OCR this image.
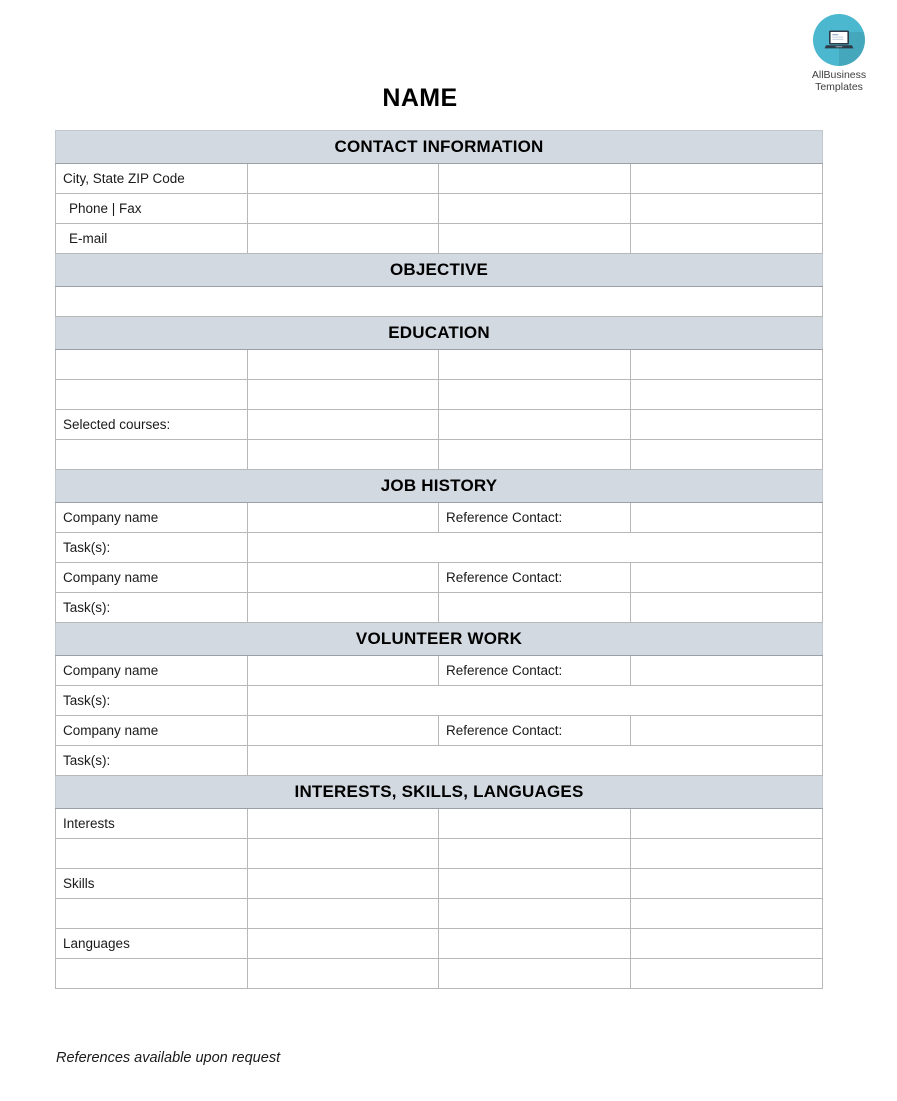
AllBusiness
Templates
NAME
CONTACT INFORMATION			
City, State ZIP Code			
Phone | Fax			
E-mail			
OBJECTIVE			

EDUCATION			

Selected courses:			

JOB HISTORY			
Company name		Reference Contact:	
Task(s):			
Company name		Reference Contact:	
Task(s):			
VOLUNTEER WORK			
Company name		Reference Contact:	
Task(s):			
Company name		Reference Contact:	
Task(s):			
INTERESTS, SKILLS, LANGUAGES			
Interests			

Skills			

Languages			

References available upon request
